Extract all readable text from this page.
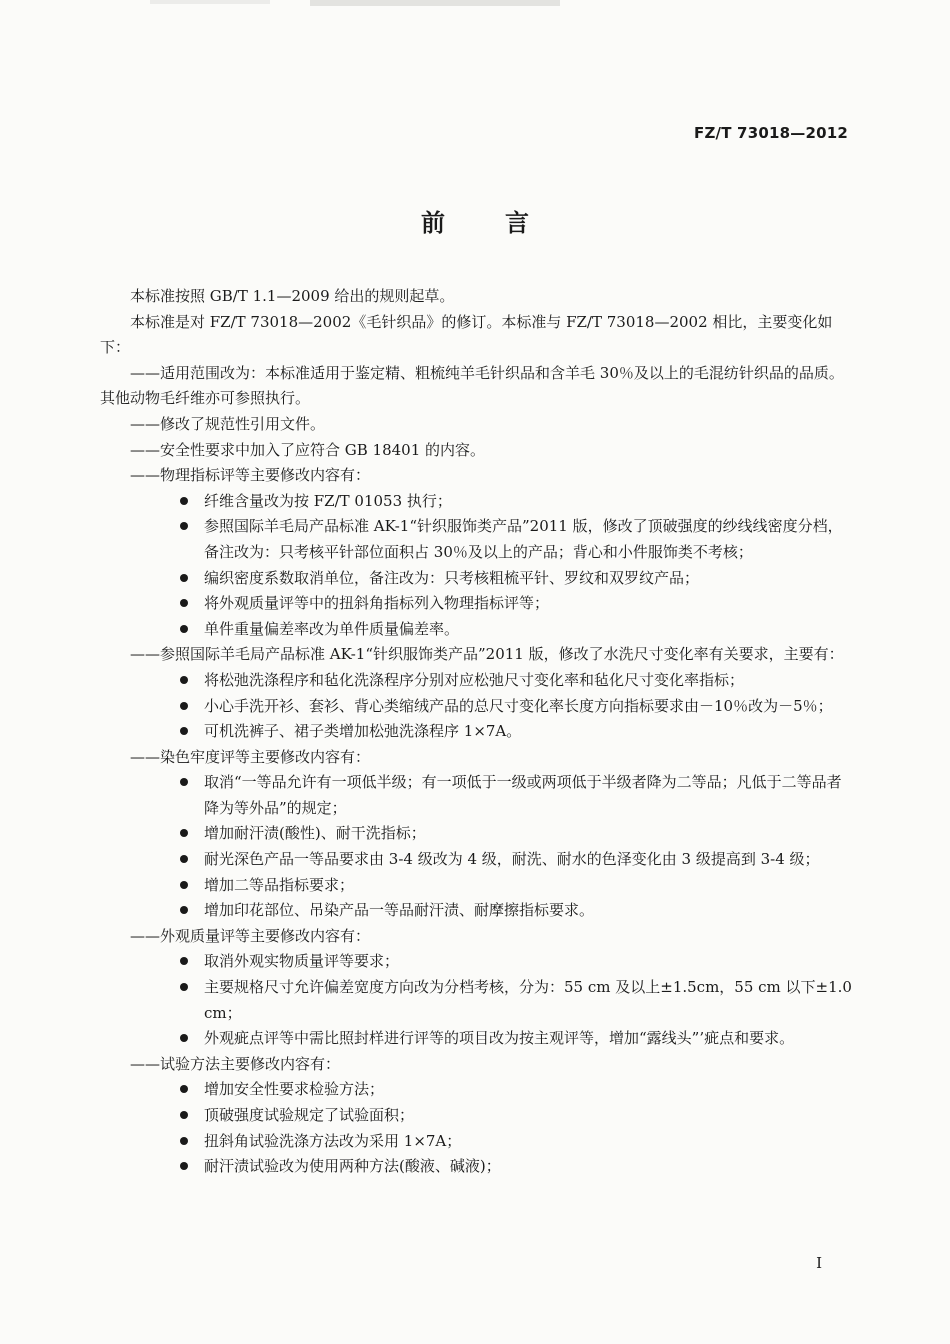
FZ/T 73018—2012
前言
本标准按照 GB/T 1.1—2009 给出的规则起草。
本标准是对 FZ/T 73018—2002《毛针织品》的修订。本标准与 FZ/T 73018—2002 相比，主要变化如下：
——适用范围改为：本标准适用于鉴定精、粗梳纯羊毛针织品和含羊毛 30％及以上的毛混纺针织品的品质。其他动物毛纤维亦可参照执行。
——修改了规范性引用文件。
——安全性要求中加入了应符合 GB 18401 的内容。
——物理指标评等主要修改内容有：
纤维含量改为按 FZ/T 01053 执行；
参照国际羊毛局产品标准 AK-1“针织服饰类产品”2011 版，修改了顶破强度的纱线线密度分档，备注改为：只考核平针部位面积占 30％及以上的产品；背心和小件服饰类不考核；
编织密度系数取消单位，备注改为：只考核粗梳平针、罗纹和双罗纹产品；
将外观质量评等中的扭斜角指标列入物理指标评等；
单件重量偏差率改为单件质量偏差率。
——参照国际羊毛局产品标准 AK-1“针织服饰类产品”2011 版，修改了水洗尺寸变化率有关要求，主要有：
将松弛洗涤程序和毡化洗涤程序分别对应松弛尺寸变化率和毡化尺寸变化率指标；
小心手洗开衫、套衫、背心类缩绒产品的总尺寸变化率长度方向指标要求由－10％改为－5％；
可机洗裤子、裙子类增加松弛洗涤程序 1×7A。
——染色牢度评等主要修改内容有：
取消“一等品允许有一项低半级；有一项低于一级或两项低于半级者降为二等品；凡低于二等品者降为等外品”的规定；
增加耐汗渍(酸性)、耐干洗指标；
耐光深色产品一等品要求由 3-4 级改为 4 级，耐洗、耐水的色泽变化由 3 级提高到 3-4 级；
增加二等品指标要求；
增加印花部位、吊染产品一等品耐汗渍、耐摩擦指标要求。
——外观质量评等主要修改内容有：
取消外观实物质量评等要求；
主要规格尺寸允许偏差宽度方向改为分档考核，分为：55 cm 及以上±1.5cm，55 cm 以下±1.0 cm；
外观疵点评等中需比照封样进行评等的项目改为按主观评等，增加“露线头”’疵点和要求。
——试验方法主要修改内容有：
增加安全性要求检验方法；
顶破强度试验规定了试验面积；
扭斜角试验洗涤方法改为采用 1×7A；
耐汗渍试验改为使用两种方法(酸液、碱液)；
I
